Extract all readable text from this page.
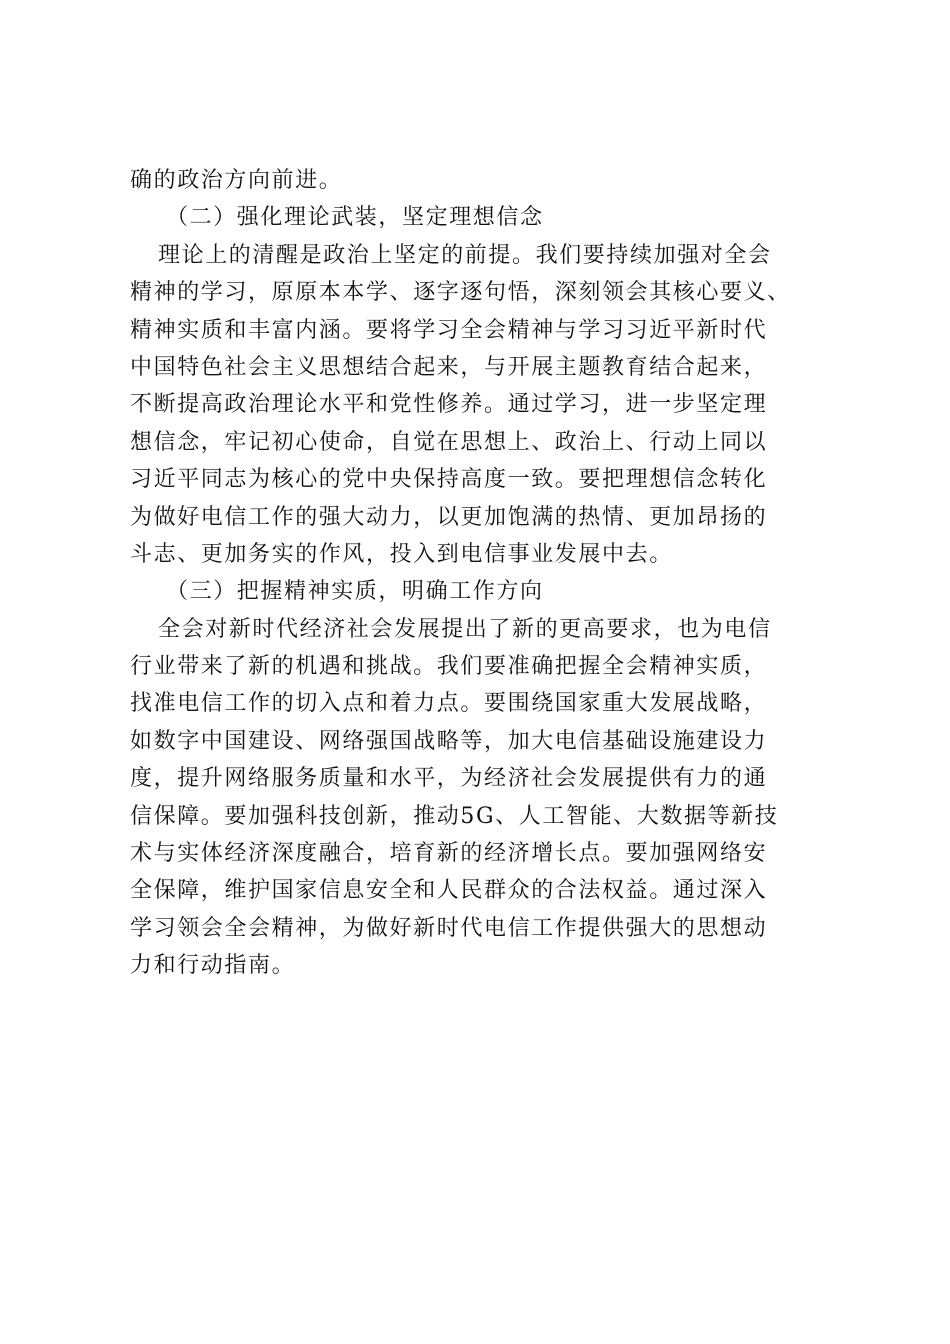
确的政治方向前进。
（二）强化理论武装，坚定理想信念
理论上的清醒是政治上坚定的前提。我们要持续加强对全会
精神的学习，原原本本学、逐字逐句悟，深刻领会其核心要义、
精神实质和丰富内涵。要将学习全会精神与学习习近平新时代
中国特色社会主义思想结合起来，与开展主题教育结合起来，
不断提高政治理论水平和党性修养。通过学习，进一步坚定理
想信念，牢记初心使命，自觉在思想上、政治上、行动上同以
习近平同志为核心的党中央保持高度一致。要把理想信念转化
为做好电信工作的强大动力，以更加饱满的热情、更加昂扬的
斗志、更加务实的作风，投入到电信事业发展中去。
（三）把握精神实质，明确工作方向
全会对新时代经济社会发展提出了新的更高要求，也为电信
行业带来了新的机遇和挑战。我们要准确把握全会精神实质，
找准电信工作的切入点和着力点。要围绕国家重大发展战略，
如数字中国建设、网络强国战略等，加大电信基础设施建设力
度，提升网络服务质量和水平，为经济社会发展提供有力的通
信保障。要加强科技创新，推动5G、人工智能、大数据等新技
术与实体经济深度融合，培育新的经济增长点。要加强网络安
全保障，维护国家信息安全和人民群众的合法权益。通过深入
学习领会全会精神，为做好新时代电信工作提供强大的思想动
力和行动指南。
